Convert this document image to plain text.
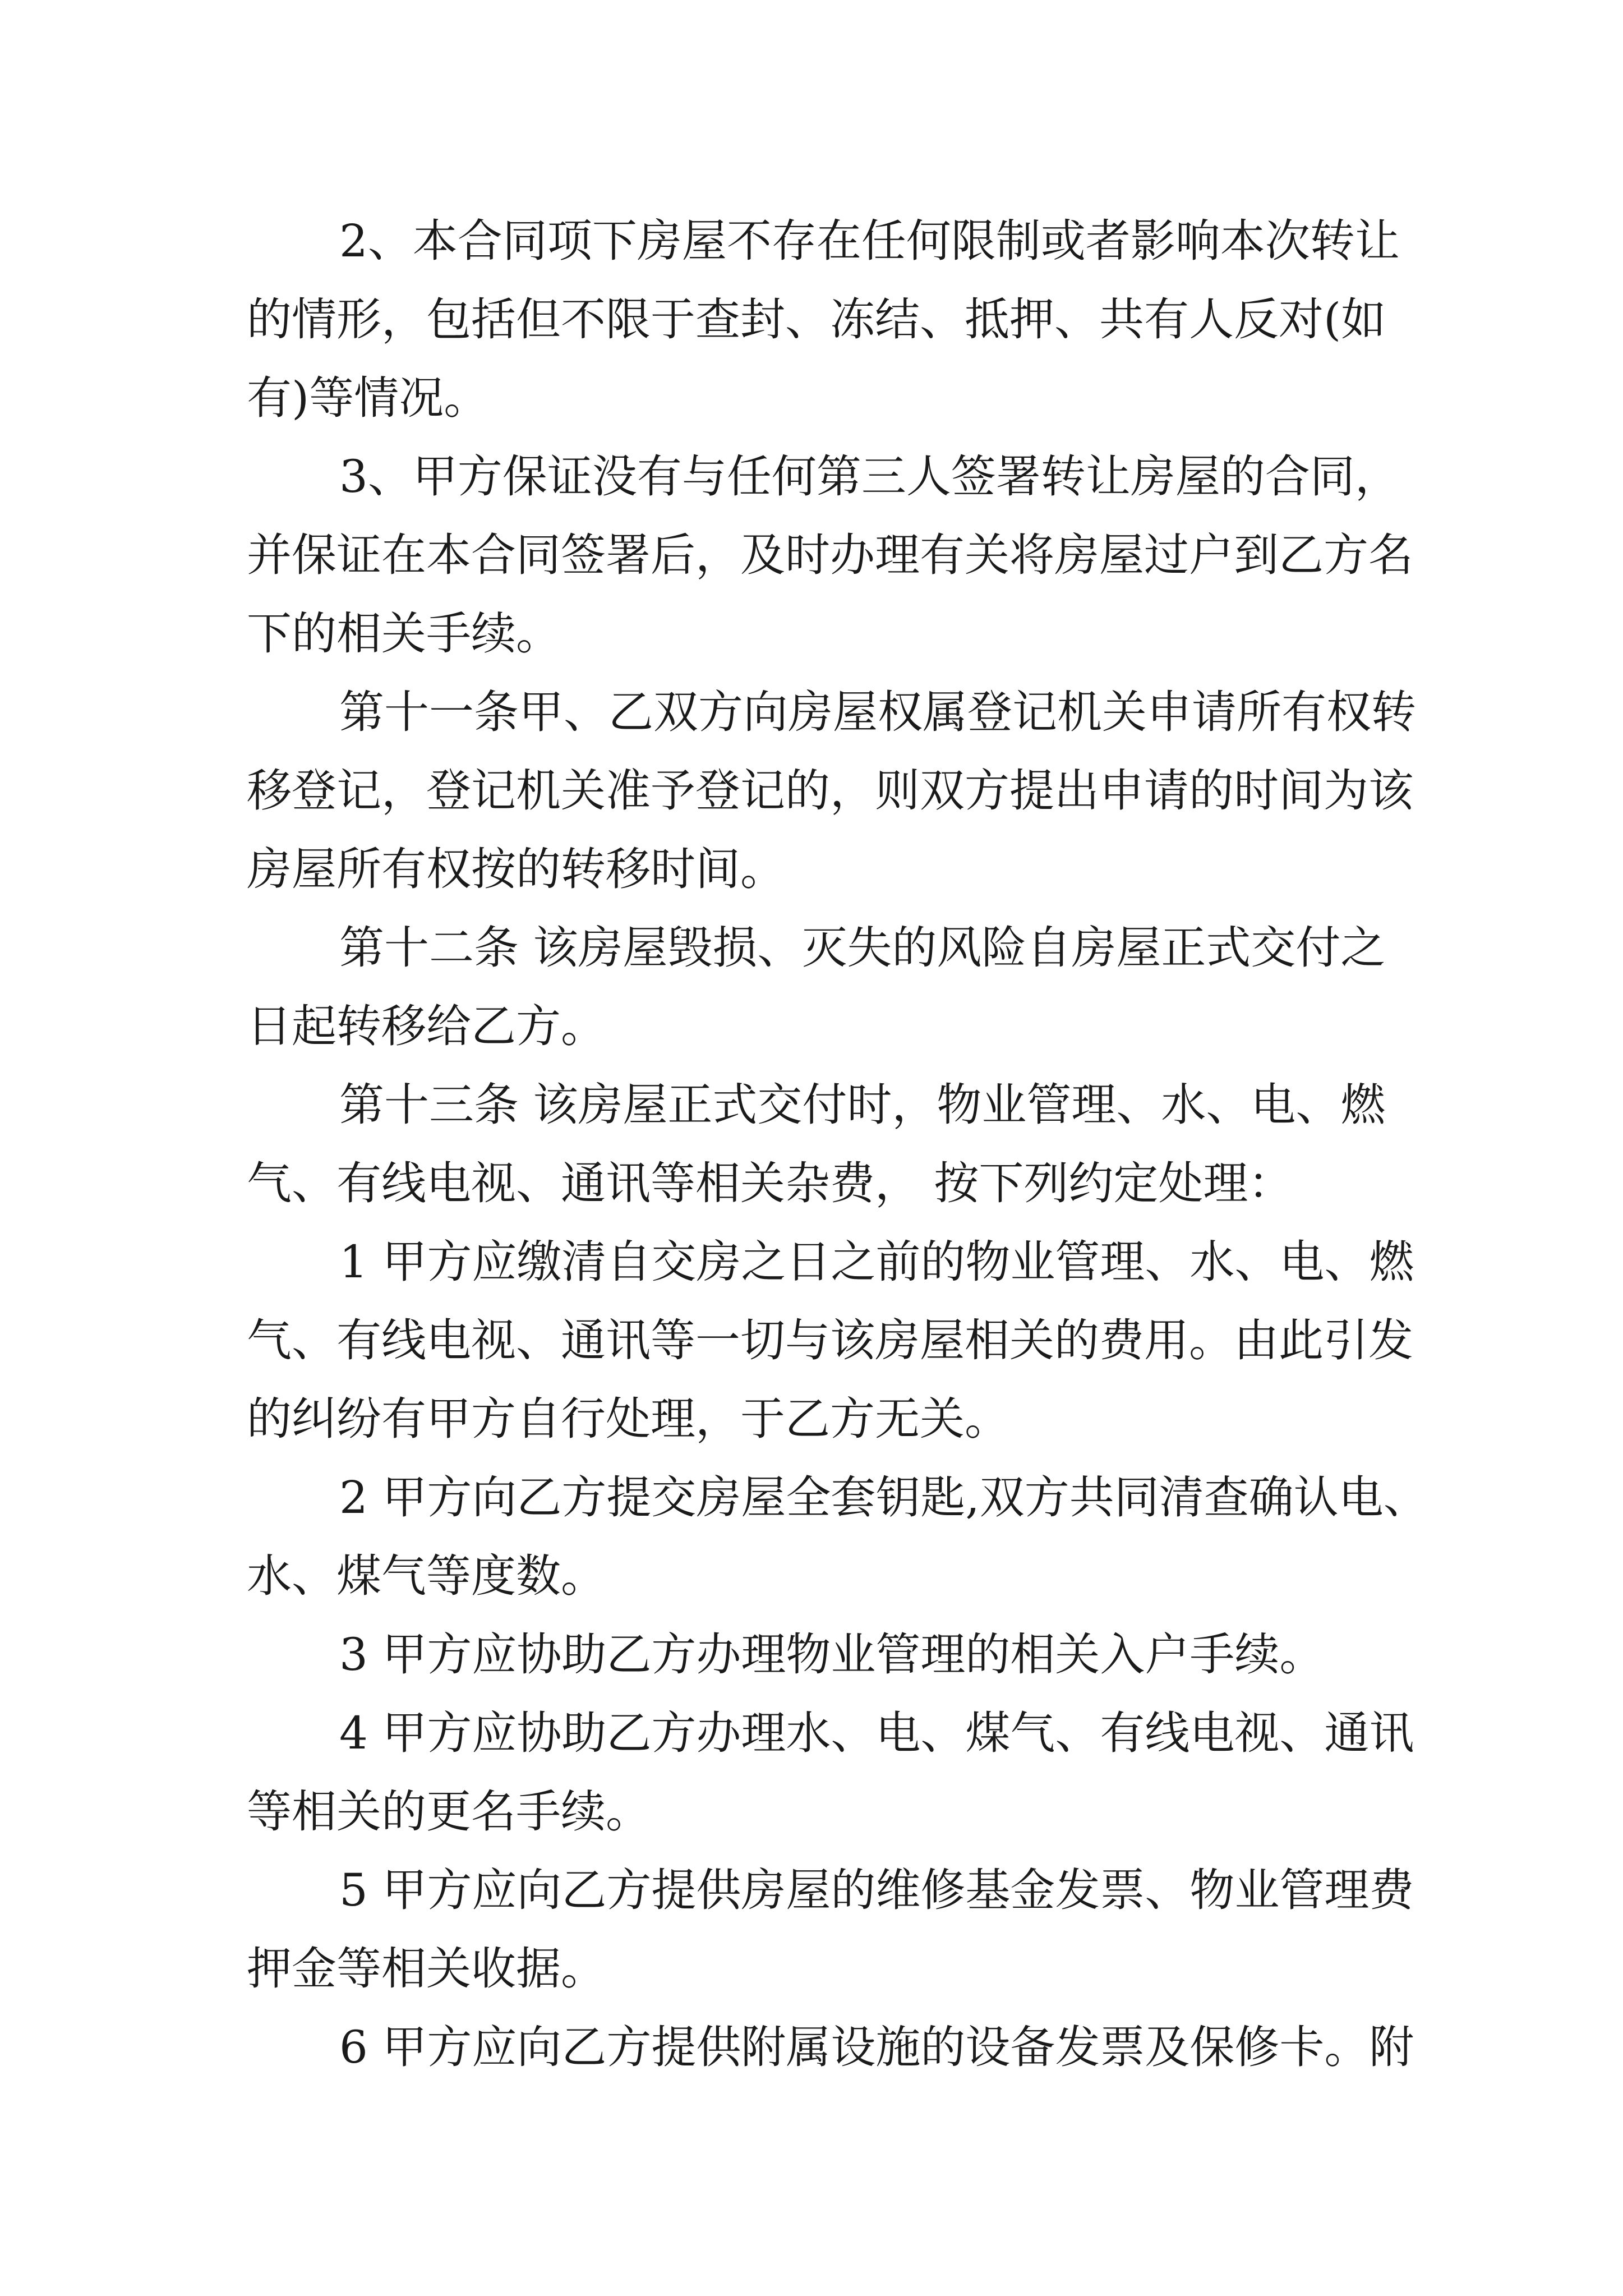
2、本合同项下房屋不存在任何限制或者影响本次转让
的情形，包括但不限于查封、冻结、抵押、共有人反对(如
有)等情况。
3、甲方保证没有与任何第三人签署转让房屋的合同，
并保证在本合同签署后，及时办理有关将房屋过户到乙方名
下的相关手续。
第十一条甲、乙双方向房屋权属登记机关申请所有权转
移登记，登记机关准予登记的，则双方提出申请的时间为该
房屋所有权按的转移时间。
第十二条 该房屋毁损、灭失的风险自房屋正式交付之
日起转移给乙方。
第十三条 该房屋正式交付时，物业管理、水、电、燃
气、有线电视、通讯等相关杂费， 按下列约定处理：
1 甲方应缴清自交房之日之前的物业管理、水、电、燃
气、有线电视、通讯等一切与该房屋相关的费用。由此引发
的纠纷有甲方自行处理，于乙方无关。
2 甲方向乙方提交房屋全套钥匙,双方共同清查确认电、
水、煤气等度数。
3 甲方应协助乙方办理物业管理的相关入户手续。
4 甲方应协助乙方办理水、电、煤气、有线电视、通讯
等相关的更名手续。
5 甲方应向乙方提供房屋的维修基金发票、物业管理费
押金等相关收据。
6 甲方应向乙方提供附属设施的设备发票及保修卡。附
